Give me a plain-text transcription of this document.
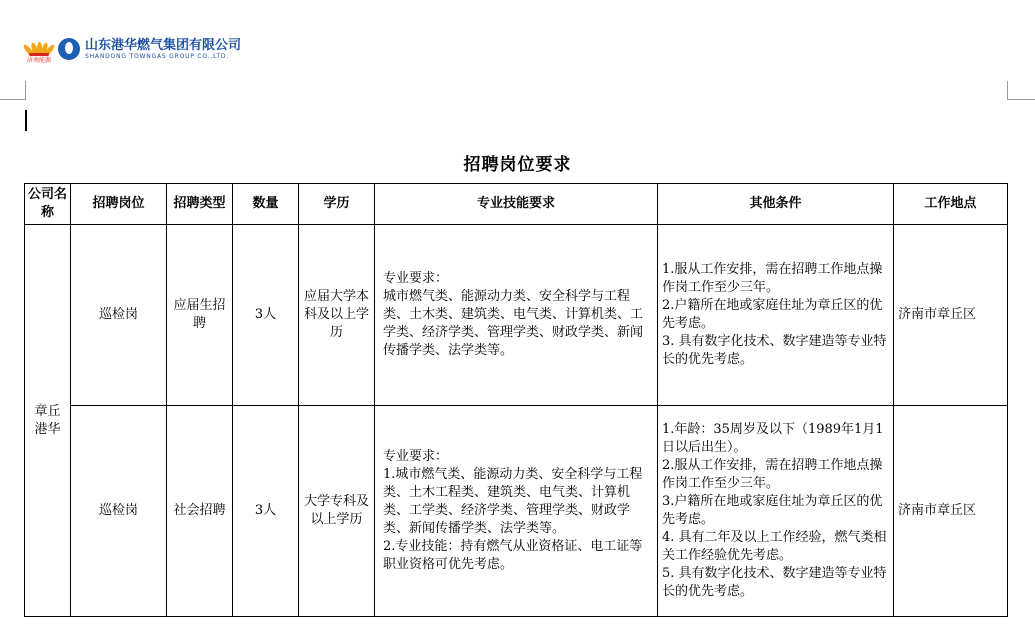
济南能源
山东港华燃气集团有限公司
SHANDONG TOWNGAS GROUP CO.,LTD.
招聘岗位要求
公司名称	招聘岗位	招聘类型	数量	学历	专业技能要求	其他条件	工作地点
章丘港华	巡检岗	应届生招聘	3人	应届大学本科及以上学历	专业要求：
城市燃气类、能源动力类、安全科学与工程类、土木类、建筑类、电气类、计算机类、工学类、经济学类、管理学类、财政学类、新闻传播学类、法学类等。	1.服从工作安排，需在招聘工作地点操作岗工作至少三年。
2.户籍所在地或家庭住址为章丘区的优先考虑。
3. 具有数字化技术、数字建造等专业特长的优先考虑。	济南市章丘区
	巡检岗	社会招聘	3人	大学专科及以上学历	专业要求：
1.城市燃气类、能源动力类、安全科学与工程类、土木工程类、建筑类、电气类、计算机类、工学类、经济学类、管理学类、财政学类、新闻传播学类、法学类等。
2.专业技能：持有燃气从业资格证、电工证等职业资格可优先考虑。	1.年龄：35周岁及以下（1989年1月1日以后出生）。
2.服从工作安排，需在招聘工作地点操作岗工作至少三年。
3.户籍所在地或家庭住址为章丘区的优先考虑。
4. 具有二年及以上工作经验，燃气类相关工作经验优先考虑。
5. 具有数字化技术、数字建造等专业特长的优先考虑。	济南市章丘区
